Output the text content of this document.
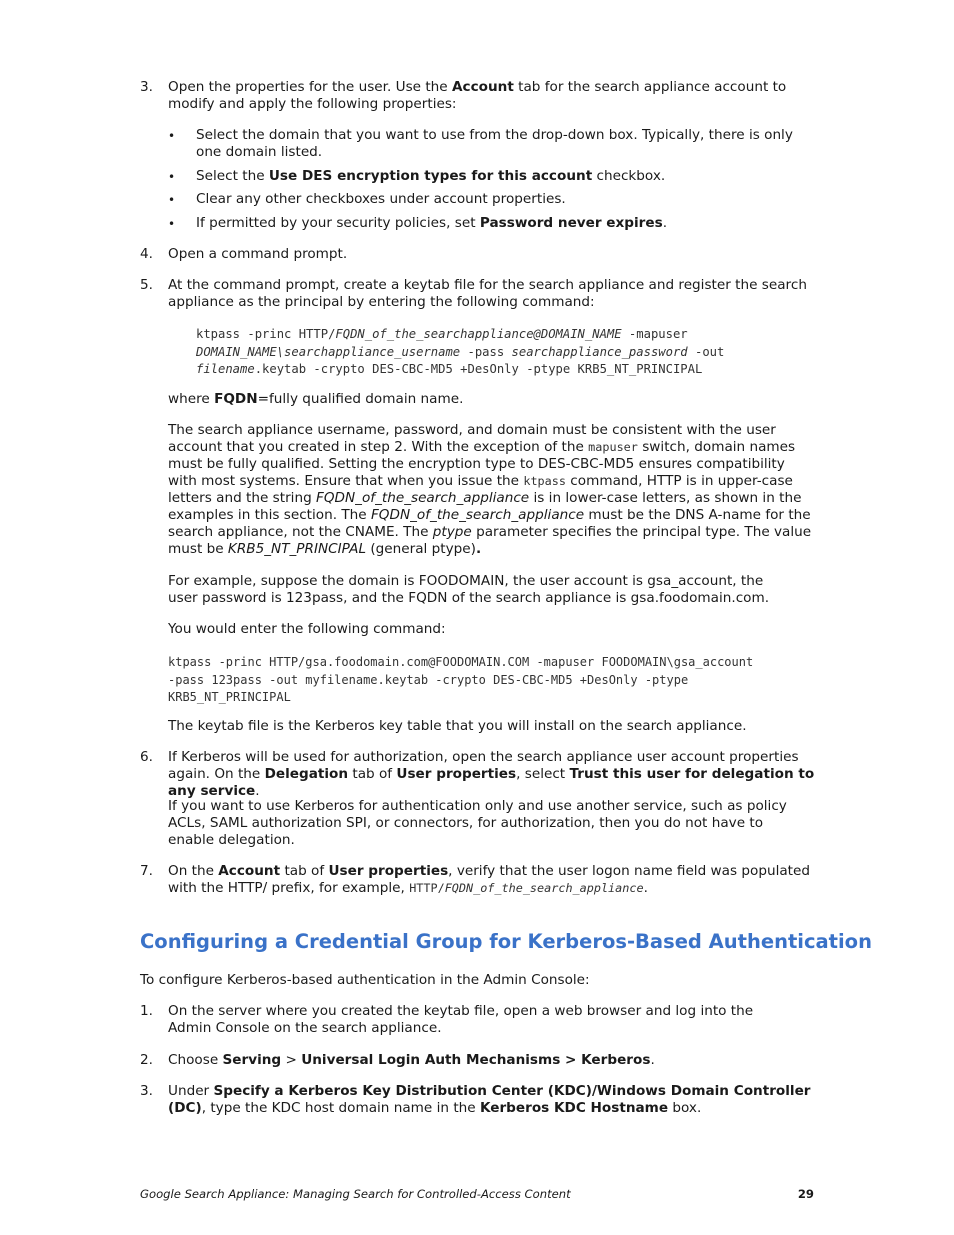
3. Open the properties for the user. Use the Account tab for the search appliance account to modify and apply the following properties:

• Select the domain that you want to use from the drop-down box. Typically, there is only one domain listed.

• Select the Use DES encryption types for this account checkbox.

• Clear any other checkboxes under account properties.

• If permitted by your security policies, set Password never expires.

4. Open a command prompt.

5. At the command prompt, create a keytab file for the search appliance and register the search appliance as the principal by entering the following command:

ktpass -princ HTTP/FQDN_of_the_searchappliance@DOMAIN_NAME -mapuser
DOMAIN_NAME\searchappliance_username -pass searchappliance_password -out
filename.keytab -crypto DES-CBC-MD5 +DesOnly -ptype KRB5_NT_PRINCIPAL

where FQDN=fully qualified domain name.

The search appliance username, password, and domain must be consistent with the user account that you created in step 2. With the exception of the mapuser switch, domain names must be fully qualified. Setting the encryption type to DES-CBC-MD5 ensures compatibility with most systems. Ensure that when you issue the ktpass command, HTTP is in upper-case letters and the string FQDN_of_the_search_appliance is in lower-case letters, as shown in the examples in this section. The FQDN_of_the_search_appliance must be the DNS A-name for the search appliance, not the CNAME. The ptype parameter specifies the principal type. The value must be KRB5_NT_PRINCIPAL (general ptype).

For example, suppose the domain is FOODOMAIN, the user account is gsa_account, the user password is 123pass, and the FQDN of the search appliance is gsa.foodomain.com.

You would enter the following command:

ktpass -princ HTTP/gsa.foodomain.com@FOODOMAIN.COM -mapuser FOODOMAIN\gsa_account
-pass 123pass -out myfilename.keytab -crypto DES-CBC-MD5 +DesOnly -ptype
KRB5_NT_PRINCIPAL

The keytab file is the Kerberos key table that you will install on the search appliance.

6. If Kerberos will be used for authorization, open the search appliance user account properties again. On the Delegation tab of User properties, select Trust this user for delegation to any service.

If you want to use Kerberos for authentication only and use another service, such as policy ACLs, SAML authorization SPI, or connectors, for authorization, then you do not have to enable delegation.

7. On the Account tab of User properties, verify that the user logon name field was populated with the HTTP/ prefix, for example, HTTP/FQDN_of_the_search_appliance.

Configuring a Credential Group for Kerberos-Based Authentication

To configure Kerberos-based authentication in the Admin Console:

1. On the server where you created the keytab file, open a web browser and log into the Admin Console on the search appliance.

2. Choose Serving > Universal Login Auth Mechanisms > Kerberos.

3. Under Specify a Kerberos Key Distribution Center (KDC)/Windows Domain Controller (DC), type the KDC host domain name in the Kerberos KDC Hostname box.

Google Search Appliance: Managing Search for Controlled-Access Content	29
